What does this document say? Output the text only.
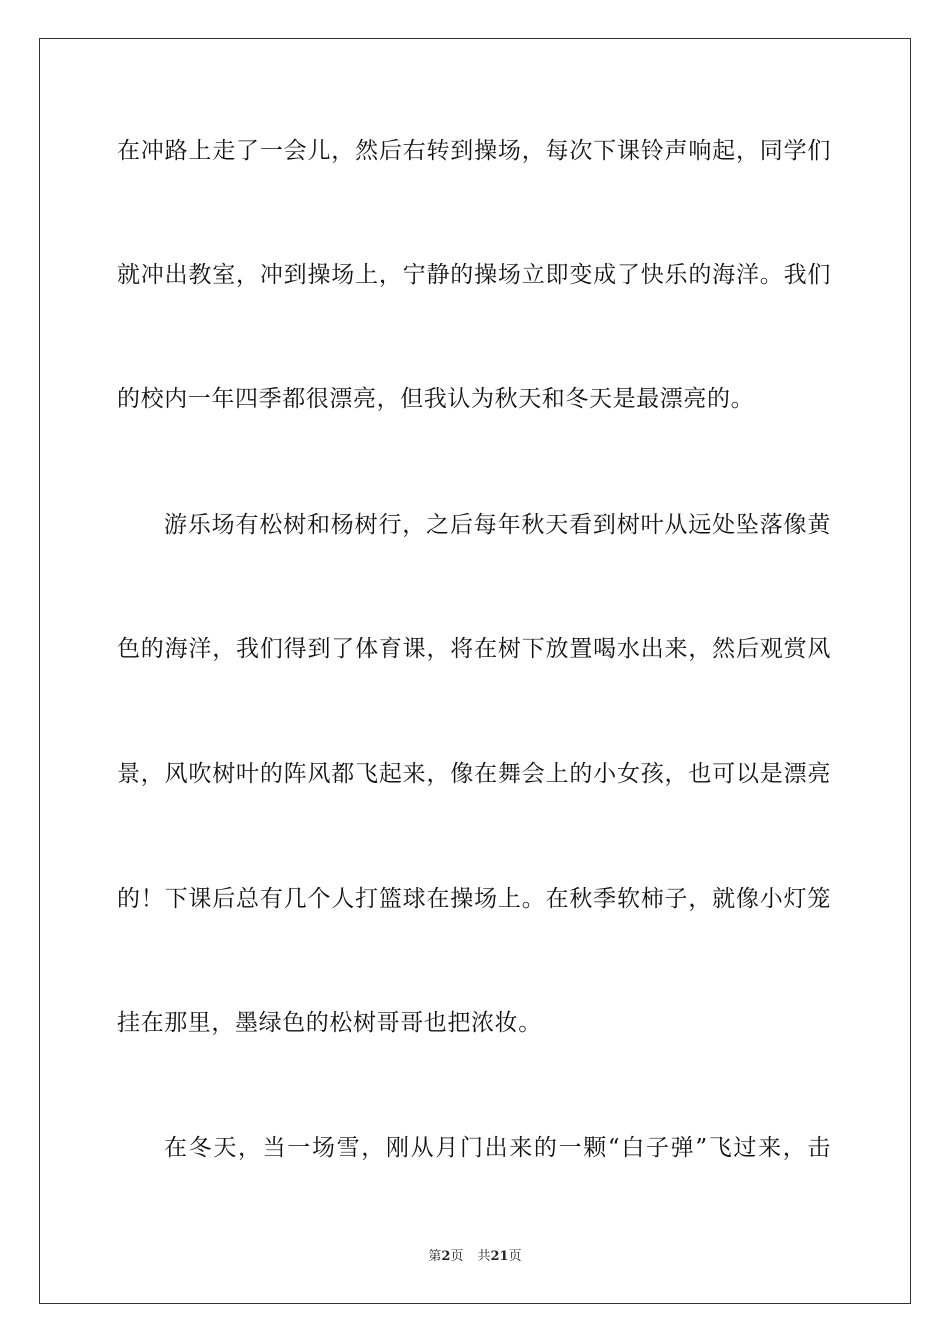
在冲路上走了一会儿，然后右转到操场，每次下课铃声响起，同学们
就冲出教室，冲到操场上，宁静的操场立即变成了快乐的海洋。我们
的校内一年四季都很漂亮，但我认为秋天和冬天是最漂亮的。
游乐场有松树和杨树行，之后每年秋天看到树叶从远处坠落像黄
色的海洋，我们得到了体育课，将在树下放置喝水出来，然后观赏风
景，风吹树叶的阵风都飞起来，像在舞会上的小女孩，也可以是漂亮
的！下课后总有几个人打篮球在操场上。在秋季软柿子，就像小灯笼
挂在那里，墨绿色的松树哥哥也把浓妆。
在冬天，当一场雪，刚从月门出来的一颗“白子弹”飞过来，击
第2页 共21页
